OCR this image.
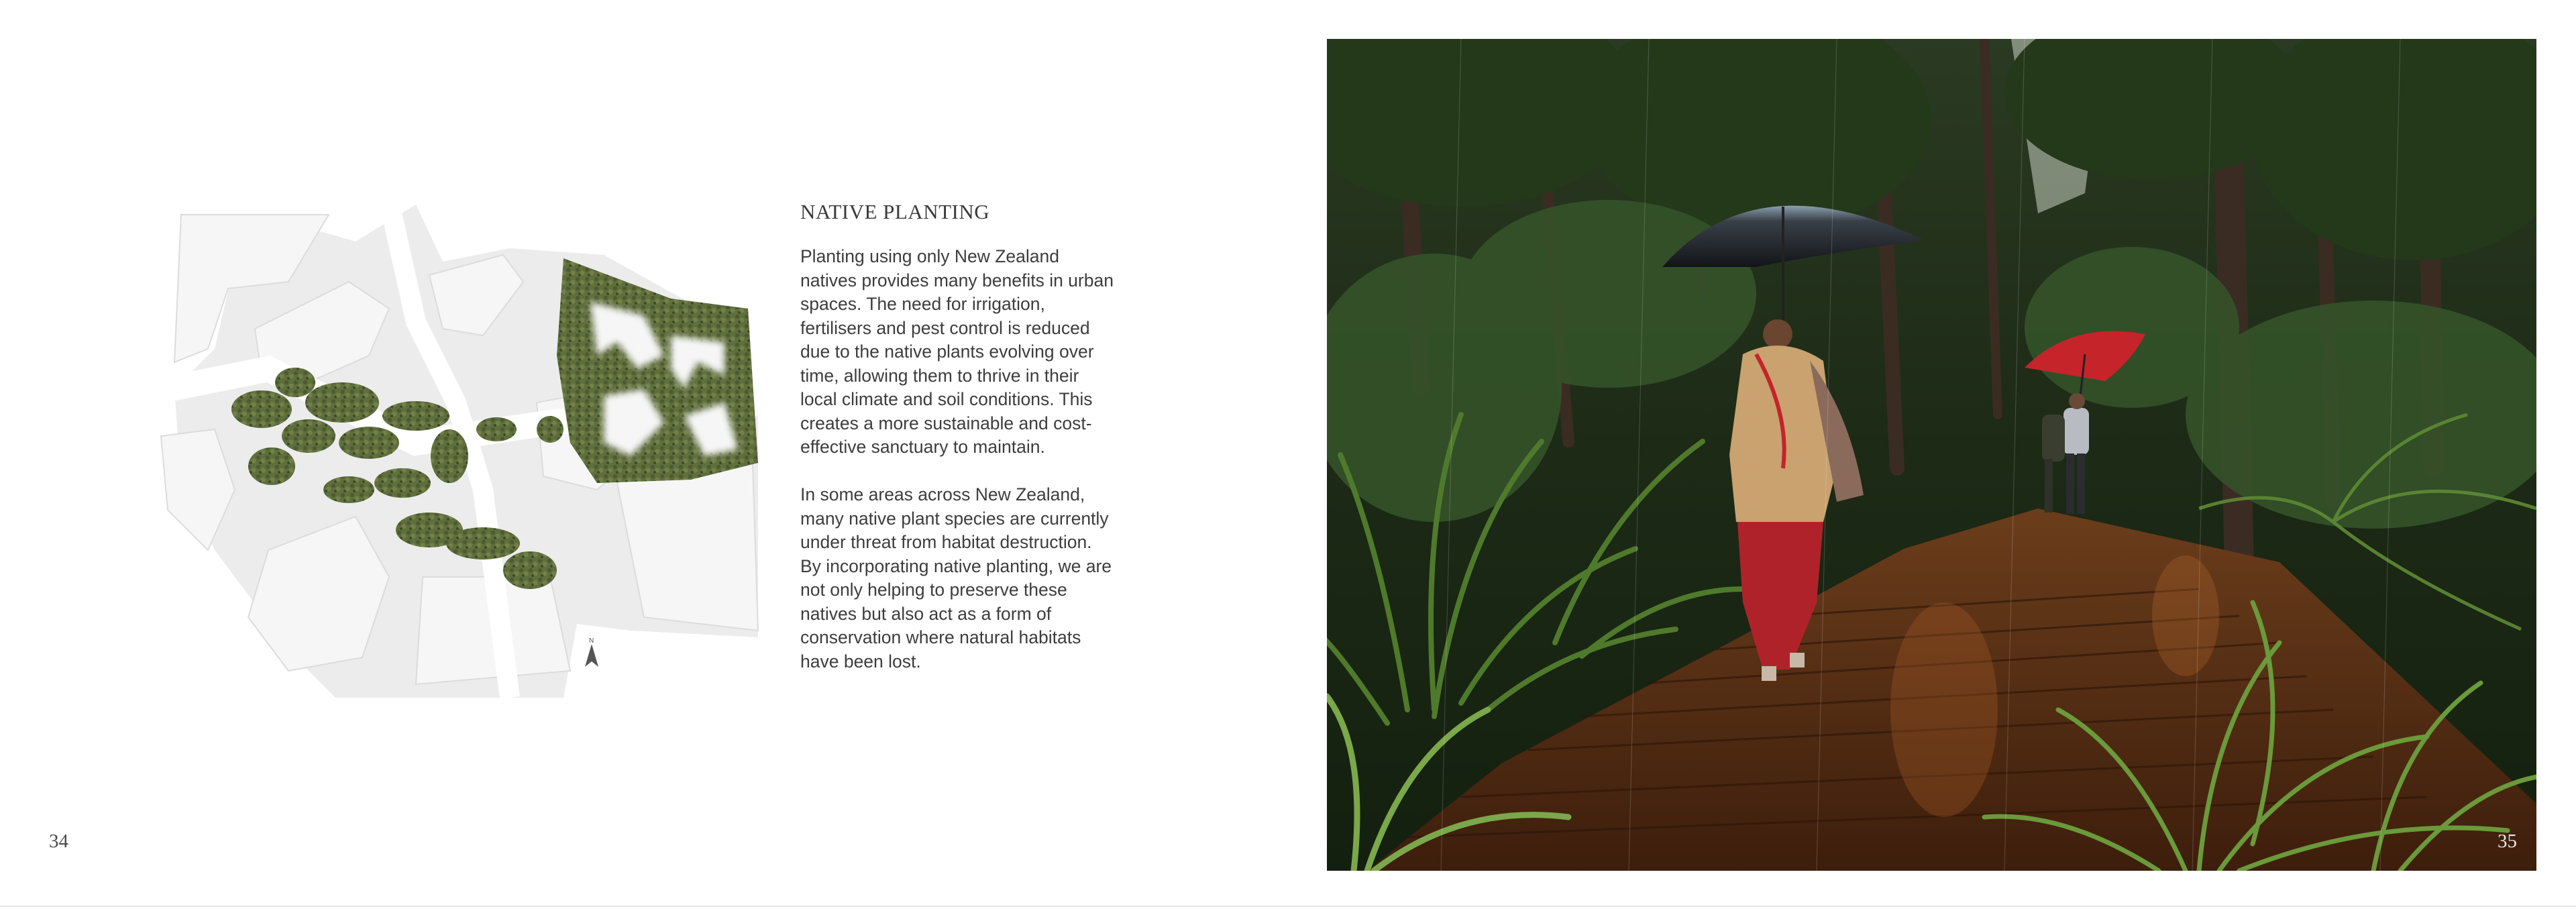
N
NATIVE PLANTING

Planting using only New Zealand natives provides many benefits in urban spaces. The need for irrigation, fertilisers and pest control is reduced due to the native plants evolving over time, allowing them to thrive in their local climate and soil conditions. This creates a more sustainable and cost-effective sanctuary to maintain.

In some areas across New Zealand, many native plant species are currently under threat from habitat destruction. By incorporating native planting, we are not only helping to preserve these natives but also act as a form of conservation where natural habitats have been lost.

34	35
